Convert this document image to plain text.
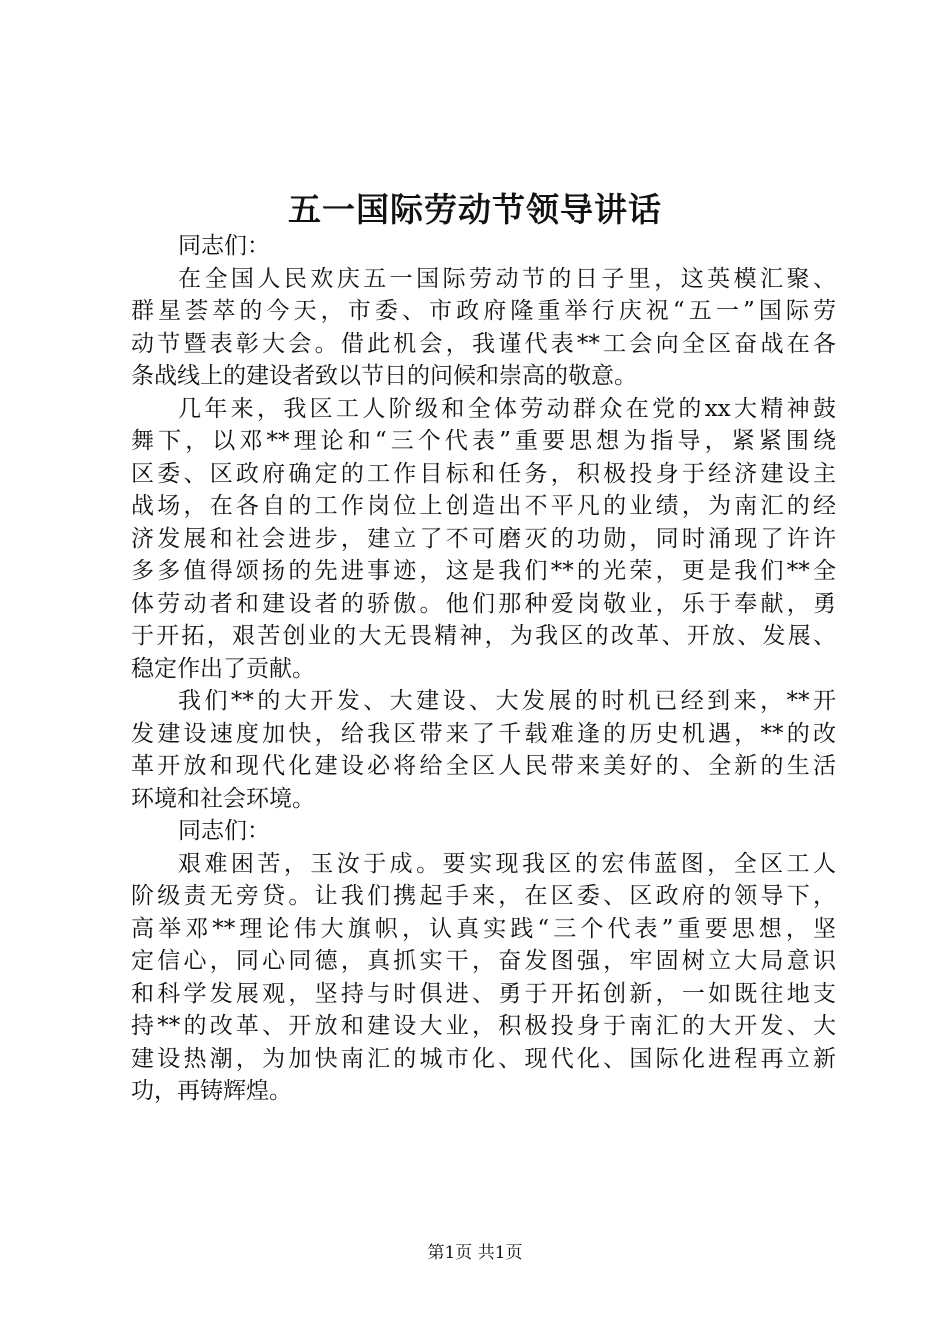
五一国际劳动节领导讲话
同志们：
在全国人民欢庆五一国际劳动节的日子里，这英模汇聚、
群星荟萃的今天，市委、市政府隆重举行庆祝“五一”国际劳
动节暨表彰大会。借此机会，我谨代表**工会向全区奋战在各
条战线上的建设者致以节日的问候和崇高的敬意。
几年来，我区工人阶级和全体劳动群众在党的xx大精神鼓
舞下，以邓**理论和“三个代表”重要思想为指导，紧紧围绕
区委、区政府确定的工作目标和任务，积极投身于经济建设主
战场，在各自的工作岗位上创造出不平凡的业绩，为南汇的经
济发展和社会进步，建立了不可磨灭的功勋，同时涌现了许许
多多值得颂扬的先进事迹，这是我们**的光荣，更是我们**全
体劳动者和建设者的骄傲。他们那种爱岗敬业，乐于奉献，勇
于开拓，艰苦创业的大无畏精神，为我区的改革、开放、发展、
稳定作出了贡献。
我们**的大开发、大建设、大发展的时机已经到来，**开
发建设速度加快，给我区带来了千载难逢的历史机遇，**的改
革开放和现代化建设必将给全区人民带来美好的、全新的生活
环境和社会环境。
同志们：
艰难困苦，玉汝于成。要实现我区的宏伟蓝图，全区工人
阶级责无旁贷。让我们携起手来，在区委、区政府的领导下，
高举邓**理论伟大旗帜，认真实践“三个代表”重要思想，坚
定信心，同心同德，真抓实干，奋发图强，牢固树立大局意识
和科学发展观，坚持与时俱进、勇于开拓创新，一如既往地支
持**的改革、开放和建设大业，积极投身于南汇的大开发、大
建设热潮，为加快南汇的城市化、现代化、国际化进程再立新
功，再铸辉煌。
第1页 共1页
